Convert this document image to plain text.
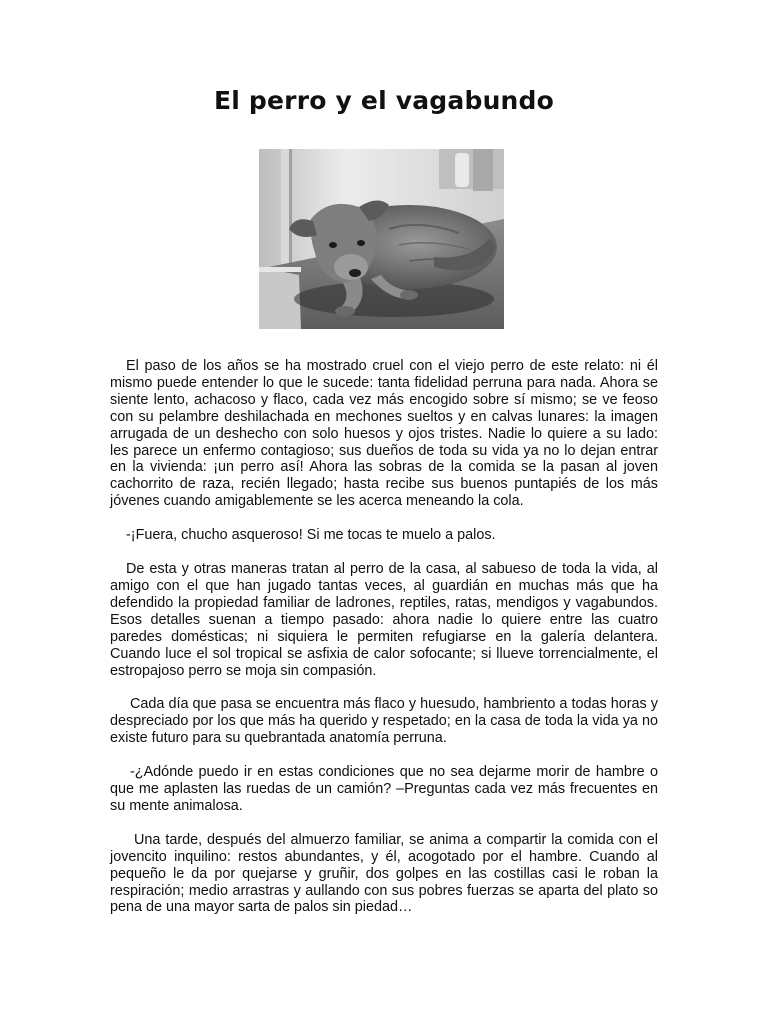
El perro y el vagabundo

El paso de los años se ha mostrado cruel con el viejo perro de este relato: ni él mismo puede entender lo que le sucede: tanta fidelidad perruna para nada. Ahora se siente lento, achacoso y flaco, cada vez más encogido sobre sí mismo; se ve feoso con su pelambre deshilachada en mechones sueltos y en calvas lunares: la imagen arrugada de un deshecho con solo huesos y ojos tristes. Nadie lo quiere a su lado: les parece un enfermo contagioso; sus dueños de toda su vida ya no lo dejan entrar en la vivienda: ¡un perro así! Ahora las sobras de la comida se la pasan al joven cachorrito de raza, recién llegado; hasta recibe sus buenos puntapiés de los más jóvenes cuando amigablemente se les acerca meneando la cola.

-¡Fuera, chucho asqueroso! Si me tocas te muelo a palos.

De esta y otras maneras tratan al perro de la casa, al sabueso de toda la vida, al amigo con el que han jugado tantas veces, al guardián en muchas más que ha defendido la propiedad familiar de ladrones, reptiles, ratas, mendigos y vagabundos. Esos detalles suenan a tiempo pasado: ahora nadie lo quiere entre las cuatro paredes domésticas; ni siquiera le permiten refugiarse en la galería delantera. Cuando luce el sol tropical se asfixia de calor sofocante; si llueve torrencialmente, el estropajoso perro se moja sin compasión.

Cada día que pasa se encuentra más flaco y huesudo, hambriento a todas horas y despreciado por los que más ha querido y respetado; en la casa de toda la vida ya no existe futuro para su quebrantada anatomía perruna.

-¿Adónde puedo ir en estas condiciones que no sea dejarme morir de hambre o que me aplasten las ruedas de un camión? –Preguntas cada vez más frecuentes en su mente animalosa.

Una tarde, después del almuerzo familiar, se anima a compartir la comida con el jovencito inquilino: restos abundantes, y él, acogotado por el hambre. Cuando al pequeño le da por quejarse y gruñir, dos golpes en las costillas casi le roban la respiración; medio arrastras y aullando con sus pobres fuerzas se aparta del plato so pena de una mayor sarta de palos sin piedad…
